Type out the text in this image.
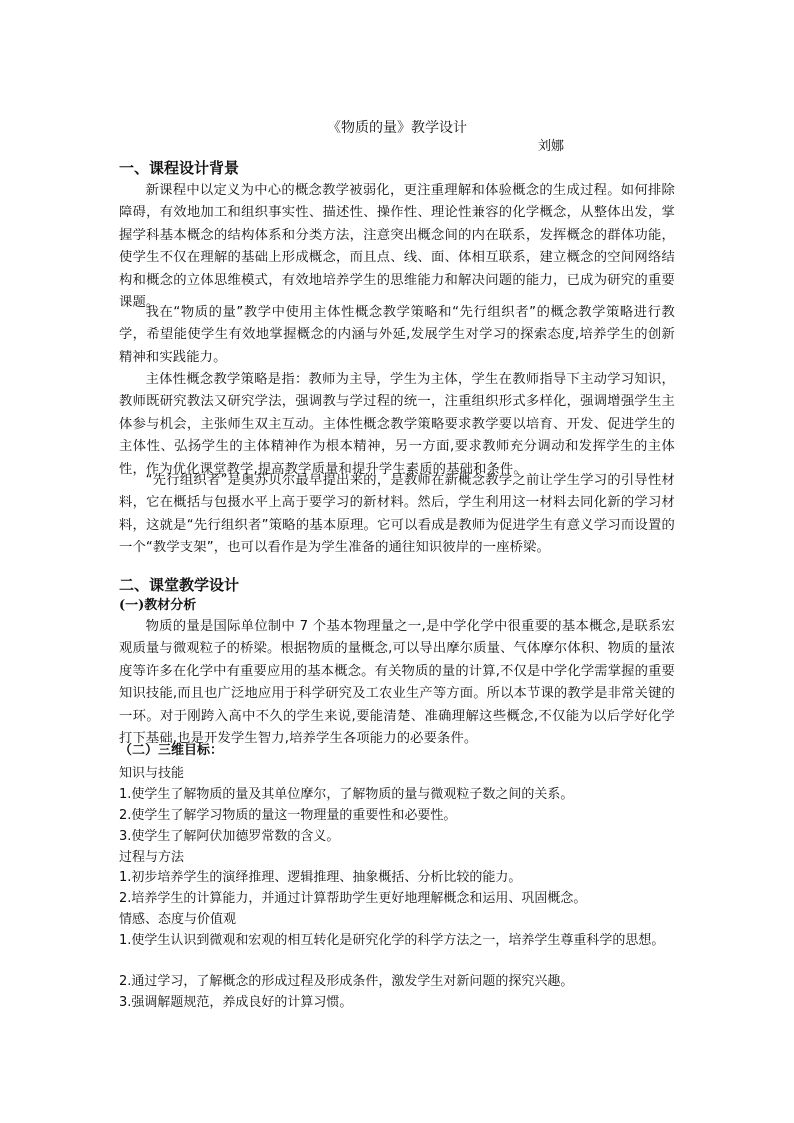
《物质的量》教学设计
刘娜
一、课程设计背景
新课程中以定义为中心的概念教学被弱化，更注重理解和体验概念的生成过程。如何排除障碍，有效地加工和组织事实性、描述性、操作性、理论性兼容的化学概念，从整体出发，掌握学科基本概念的结构体系和分类方法，注意突出概念间的内在联系，发挥概念的群体功能，使学生不仅在理解的基础上形成概念，而且点、线、面、体相互联系，建立概念的空间网络结构和概念的立体思维模式，有效地培养学生的思维能力和解决问题的能力，已成为研究的重要课题。
我在“物质的量”教学中使用主体性概念教学策略和“先行组织者”的概念教学策略进行教学，希望能使学生有效地掌握概念的内涵与外延,发展学生对学习的探索态度,培养学生的创新精神和实践能力。
主体性概念教学策略是指：教师为主导，学生为主体，学生在教师指导下主动学习知识，教师既研究教法又研究学法，强调教与学过程的统一，注重组织形式多样化，强调增强学生主体参与机会，主张师生双主互动。主体性概念教学策略要求教学要以培育、开发、促进学生的主体性、弘扬学生的主体精神作为根本精神，另一方面,要求教师充分调动和发挥学生的主体性，作为优化课堂教学,提高教学质量和提升学生素质的基础和条件。
“先行组织者”是奥苏贝尔最早提出来的，是教师在新概念教学之前让学生学习的引导性材料，它在概括与包摄水平上高于要学习的新材料。然后，学生利用这一材料去同化新的学习材料，这就是“先行组织者”策略的基本原理。它可以看成是教师为促进学生有意义学习而设置的一个“教学支架”，也可以看作是为学生准备的通往知识彼岸的一座桥梁。
二、课堂教学设计
(一)教材分析
物质的量是国际单位制中 7 个基本物理量之一,是中学化学中很重要的基本概念,是联系宏观质量与微观粒子的桥梁。根据物质的量概念,可以导出摩尔质量、气体摩尔体积、物质的量浓度等许多在化学中有重要应用的基本概念。有关物质的量的计算,不仅是中学化学需掌握的重要知识技能,而且也广泛地应用于科学研究及工农业生产等方面。所以本节课的教学是非常关键的一环。对于刚跨入高中不久的学生来说,要能清楚、准确理解这些概念,不仅能为以后学好化学打下基础,也是开发学生智力,培养学生各项能力的必要条件。
（二）三维目标：
知识与技能
1.使学生了解物质的量及其单位摩尔，了解物质的量与微观粒子数之间的关系。
2.使学生了解学习物质的量这一物理量的重要性和必要性。
3.使学生了解阿伏加德罗常数的含义。
过程与方法
1.初步培养学生的演绎推理、逻辑推理、抽象概括、分析比较的能力。
2.培养学生的计算能力，并通过计算帮助学生更好地理解概念和运用、巩固概念。
情感、态度与价值观
1.使学生认识到微观和宏观的相互转化是研究化学的科学方法之一，培养学生尊重科学的思想。
2.通过学习，了解概念的形成过程及形成条件，激发学生对新问题的探究兴趣。
3.强调解题规范，养成良好的计算习惯。
